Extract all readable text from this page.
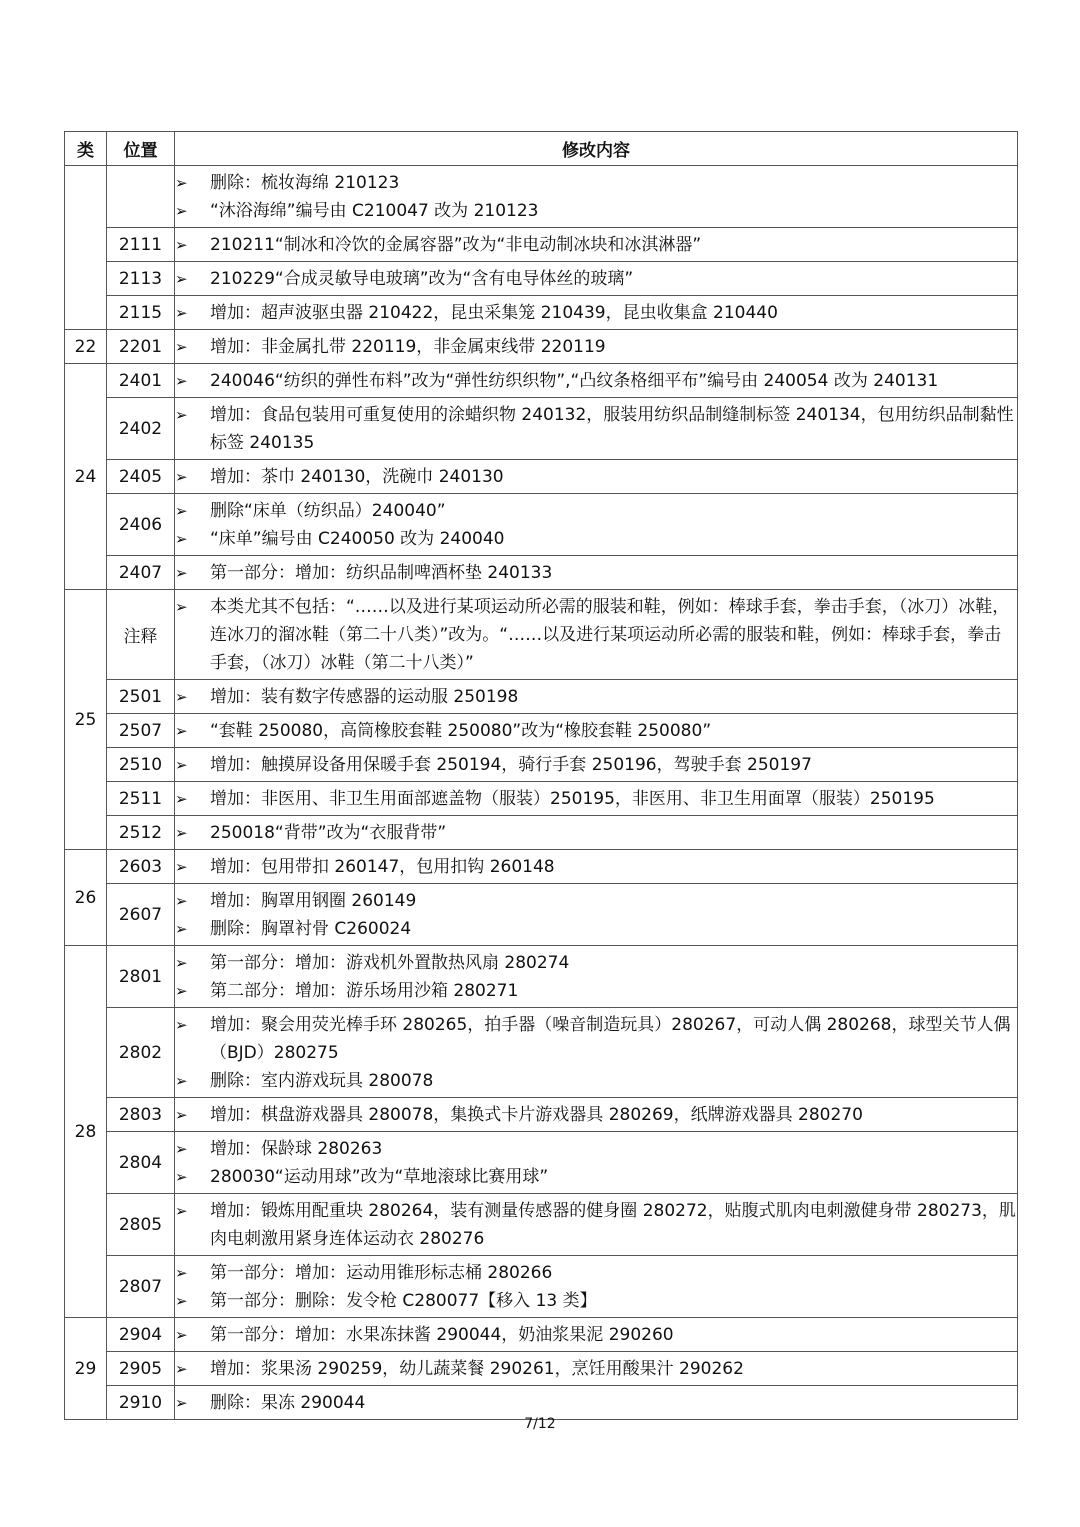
类	位置	修改内容

		➢ 删除：梳妆海绵 210123
➢ “沐浴海绵”编号由 C210047 改为 210123

	2111	➢ 210211“制冰和冷饮的金属容器”改为“非电动制冰块和冰淇淋器”

	2113	➢ 210229“合成灵敏导电玻璃”改为“含有电导体丝的玻璃”

	2115	➢ 增加：超声波驱虫器 210422，昆虫采集笼 210439，昆虫收集盒 210440

22	2201	➢ 增加：非金属扎带 220119，非金属束线带 220119

24	2401	➢ 240046“纺织的弹性布料”改为“弹性纺织织物”,“凸纹条格细平布”编号由 240054 改为 240131

	2402	➢ 增加：食品包装用可重复使用的涂蜡织物 240132，服装用纺织品制缝制标签 240134，包用纺织品制黏性标签 240135

	2405	➢ 增加：茶巾 240130，洗碗巾 240130

	2406	➢ 删除“床单（纺织品）240040”
➢ “床单”编号由 C240050 改为 240040

	2407	➢ 第一部分：增加：纺织品制啤酒杯垫 240133

25	注释	➢ 本类尤其不包括：“……以及进行某项运动所必需的服装和鞋，例如：棒球手套，拳击手套，（冰刀）冰鞋，连冰刀的溜冰鞋（第二十八类）”改为。“……以及进行某项运动所必需的服装和鞋，例如：棒球手套，拳击手套，（冰刀）冰鞋（第二十八类）”

	2501	➢ 增加：装有数字传感器的运动服 250198

	2507	➢ “套鞋 250080，高筒橡胶套鞋 250080”改为“橡胶套鞋 250080”

	2510	➢ 增加：触摸屏设备用保暖手套 250194，骑行手套 250196，驾驶手套 250197

	2511	➢ 增加：非医用、非卫生用面部遮盖物（服装）250195，非医用、非卫生用面罩（服装）250195

	2512	➢ 250018“背带”改为“衣服背带”

26	2603	➢ 增加：包用带扣 260147，包用扣钩 260148

	2607	➢ 增加：胸罩用钢圈 260149
➢ 删除：胸罩衬骨 C260024

28	2801	➢ 第一部分：增加：游戏机外置散热风扇 280274
➢ 第二部分：增加：游乐场用沙箱 280271

	2802	➢ 增加：聚会用荧光棒手环 280265，拍手器（噪音制造玩具）280267，可动人偶 280268，球型关节人偶（BJD）280275
➢ 删除：室内游戏玩具 280078

	2803	➢ 增加：棋盘游戏器具 280078，集换式卡片游戏器具 280269，纸牌游戏器具 280270

	2804	➢ 增加：保龄球 280263
➢ 280030“运动用球”改为“草地滚球比赛用球”

	2805	➢ 增加：锻炼用配重块 280264，装有测量传感器的健身圈 280272，贴腹式肌肉电刺激健身带 280273，肌肉电刺激用紧身连体运动衣 280276

	2807	➢ 第一部分：增加：运动用锥形标志桶 280266
➢ 第一部分：删除：发令枪 C280077【移入 13 类】

29	2904	➢ 第一部分：增加：水果冻抹酱 290044，奶油浆果泥 290260

	2905	➢ 增加：浆果汤 290259，幼儿蔬菜餐 290261，烹饪用酸果汁 290262

	2910	➢ 删除：果冻 290044
7/12
